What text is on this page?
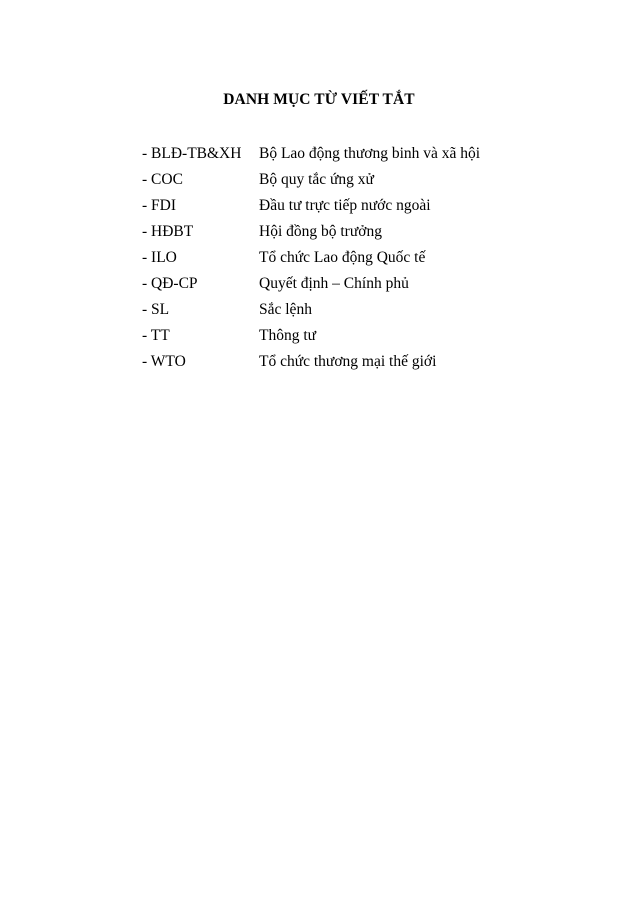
DANH MỤC TỪ VIẾT TẮT
- BLĐ-TB&XH	Bộ Lao động thương binh và xã hội
- COC	Bộ quy tắc ứng xử
- FDI	Đầu tư trực tiếp nước ngoài
- HĐBT	Hội đồng bộ trưởng
- ILO	Tổ chức Lao động Quốc tế
- QĐ-CP	Quyết định – Chính phủ
- SL	Sắc lệnh
- TT	Thông tư
- WTO	Tổ chức thương mại thế giới
